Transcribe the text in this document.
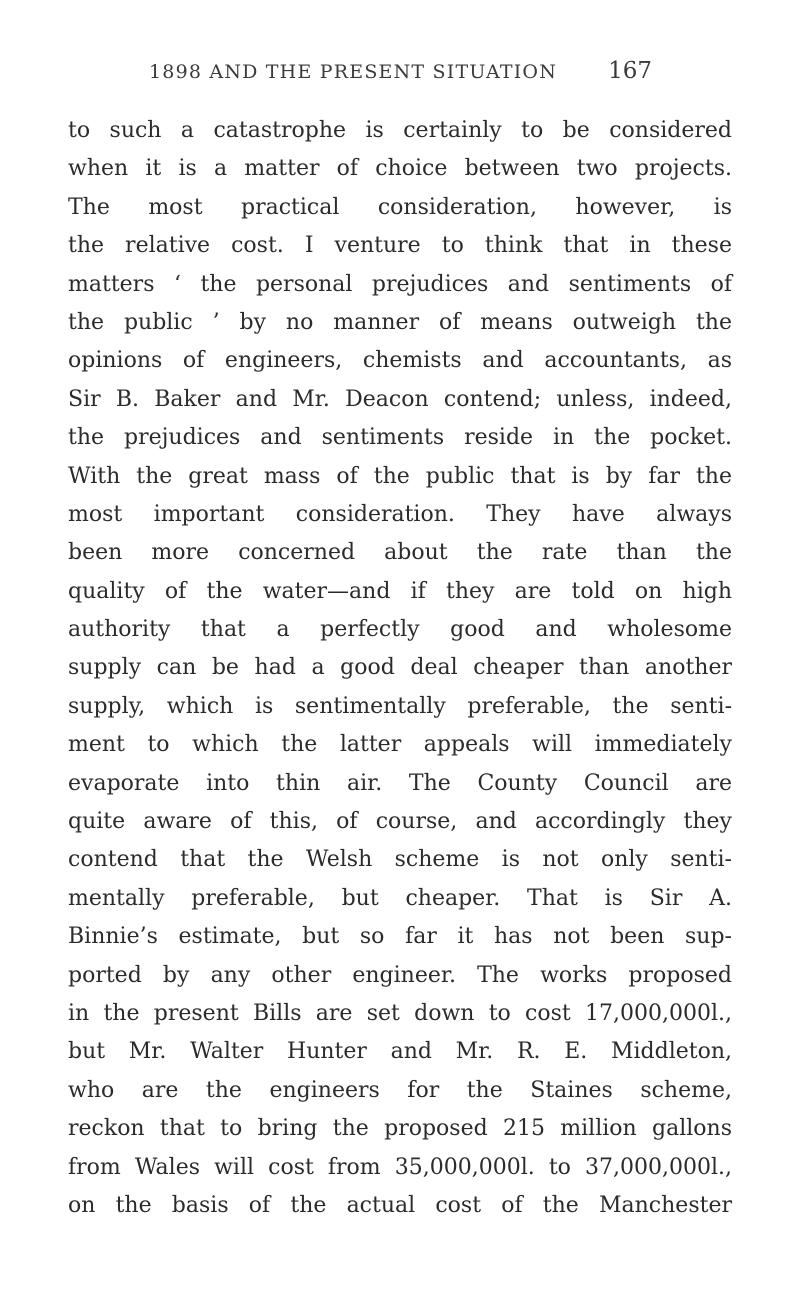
1898 AND THE PRESENT SITUATION 167
to such a catastrophe is certainly to be considered
when it is a matter of choice between two projects.
The most practical consideration, however, is
the relative cost. I venture to think that in these
matters ‘ the personal prejudices and sentiments of
the public ’ by no manner of means outweigh the
opinions of engineers, chemists and accountants, as
Sir B. Baker and Mr. Deacon contend; unless, indeed,
the prejudices and sentiments reside in the pocket.
With the great mass of the public that is by far the
most important consideration. They have always
been more concerned about the rate than the
quality of the water—and if they are told on high
authority that a perfectly good and wholesome
supply can be had a good deal cheaper than another
supply, which is sentimentally preferable, the senti-
ment to which the latter appeals will immediately
evaporate into thin air. The County Council are
quite aware of this, of course, and accordingly they
contend that the Welsh scheme is not only senti-
mentally preferable, but cheaper. That is Sir A.
Binnie’s estimate, but so far it has not been sup-
ported by any other engineer. The works proposed
in the present Bills are set down to cost 17,000,000l.,
but Mr. Walter Hunter and Mr. R. E. Middleton,
who are the engineers for the Staines scheme,
reckon that to bring the proposed 215 million gallons
from Wales will cost from 35,000,000l. to 37,000,000l.,
on the basis of the actual cost of the Manchester
